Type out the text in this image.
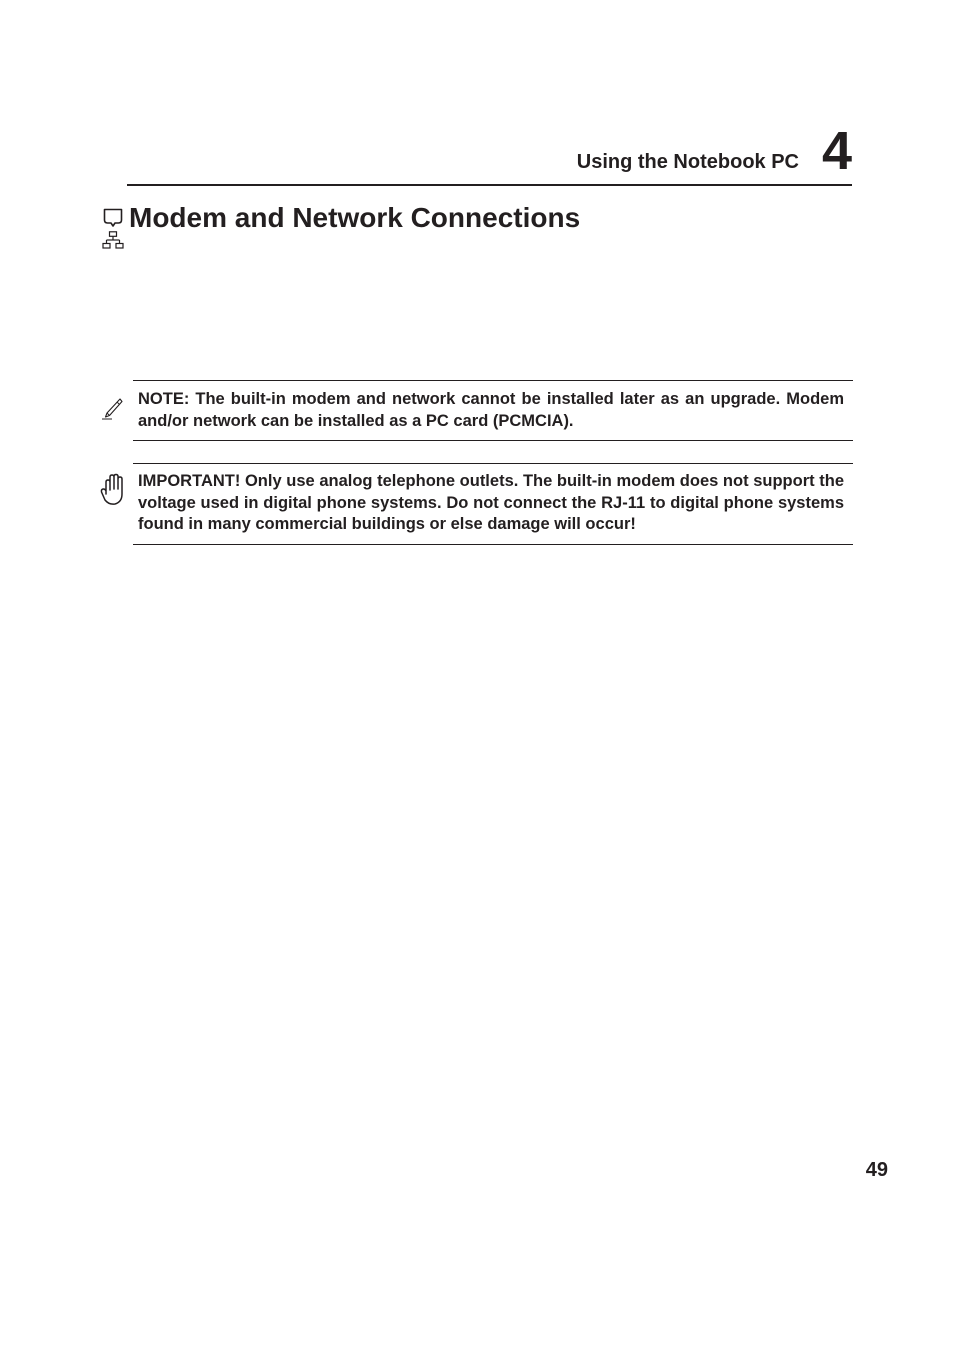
Using the Notebook PC 4
Modem and Network Connections

NOTE: The built-in modem and network cannot be installed later as an upgrade. Modem and/or network can be installed as a PC card (PCMCIA).

IMPORTANT! Only use analog telephone outlets. The built-in modem does not support the voltage used in digital phone systems. Do not connect the RJ-11 to digital phone systems found in many commercial buildings or else damage will occur!

49
